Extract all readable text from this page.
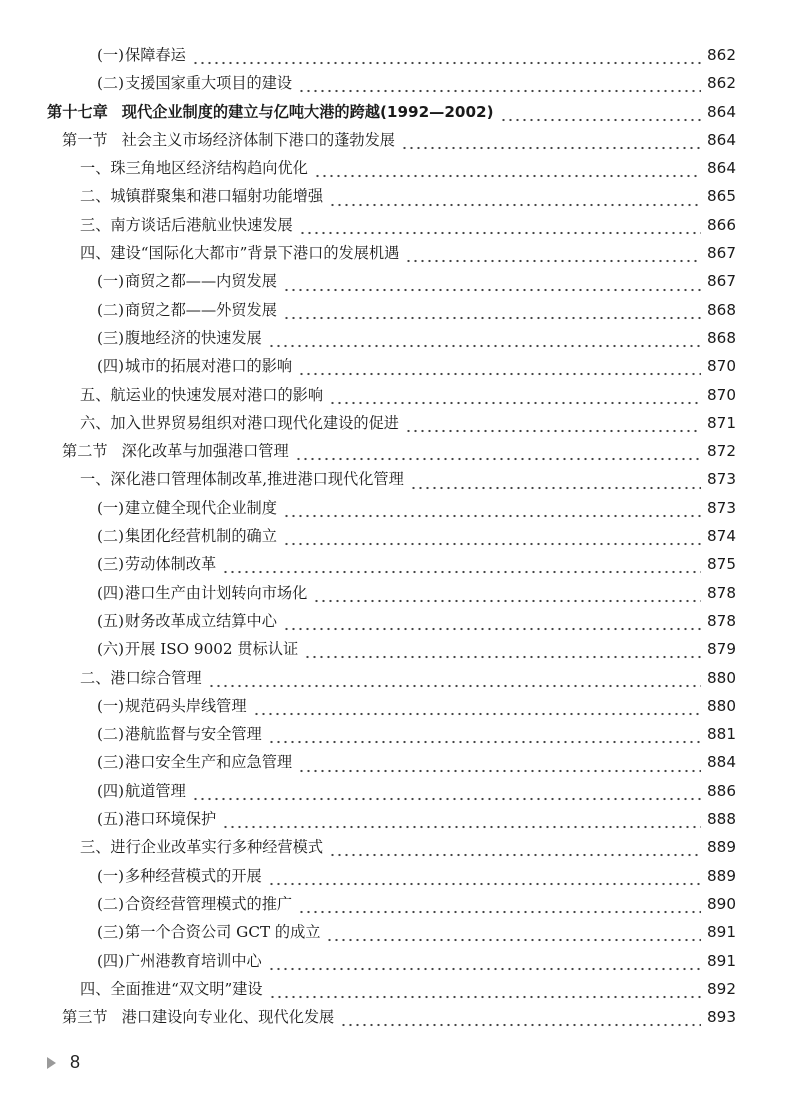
(一) 保障春运	862
(二) 支援国家重大项目的建设	862
第十七章 现代企业制度的建立与亿吨大港的跨越(1992—2002)	864
第一节 社会主义市场经济体制下港口的蓬勃发展	864
一、 珠三角地区经济结构趋向优化	864
二、 城镇群聚集和港口辐射功能增强	865
三、 南方谈话后港航业快速发展	866
四、 建设“国际化大都市”背景下港口的发展机遇	867
(一) 商贸之都——内贸发展	867
(二) 商贸之都——外贸发展	868
(三) 腹地经济的快速发展	868
(四) 城市的拓展对港口的影响	870
五、 航运业的快速发展对港口的影响	870
六、 加入世界贸易组织对港口现代化建设的促进	871
第二节 深化改革与加强港口管理	872
一、 深化港口管理体制改革,推进港口现代化管理	873
(一) 建立健全现代企业制度	873
(二) 集团化经营机制的确立	874
(三) 劳动体制改革	875
(四) 港口生产由计划转向市场化	878
(五) 财务改革成立结算中心	878
(六) 开展 ISO 9002 贯标认证	879
二、 港口综合管理	880
(一) 规范码头岸线管理	880
(二) 港航监督与安全管理	881
(三) 港口安全生产和应急管理	884
(四) 航道管理	886
(五) 港口环境保护	888
三、 进行企业改革实行多种经营模式	889
(一) 多种经营模式的开展	889
(二) 合资经营管理模式的推广	890
(三) 第一个合资公司 GCT 的成立	891
(四) 广州港教育培训中心	891
四、 全面推进“双文明”建设	892
第三节 港口建设向专业化、现代化发展	893
8
